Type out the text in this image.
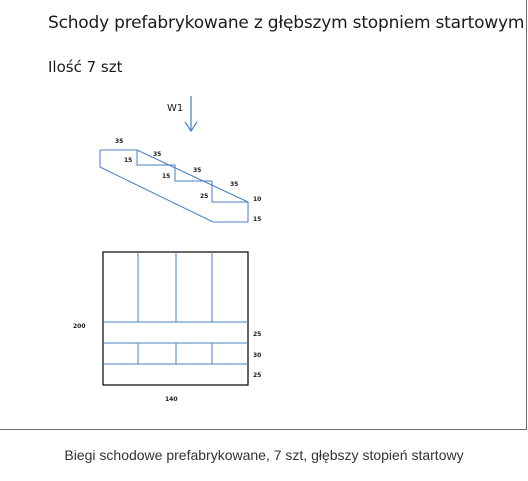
Schody prefabrykowane z głębszym stopniem startowym
Ilość 7 szt
W1
35
15
35
15
35
25
35
10
15
200
140
25
30
25
Biegi schodowe prefabrykowane, 7 szt, głębszy stopień startowy
